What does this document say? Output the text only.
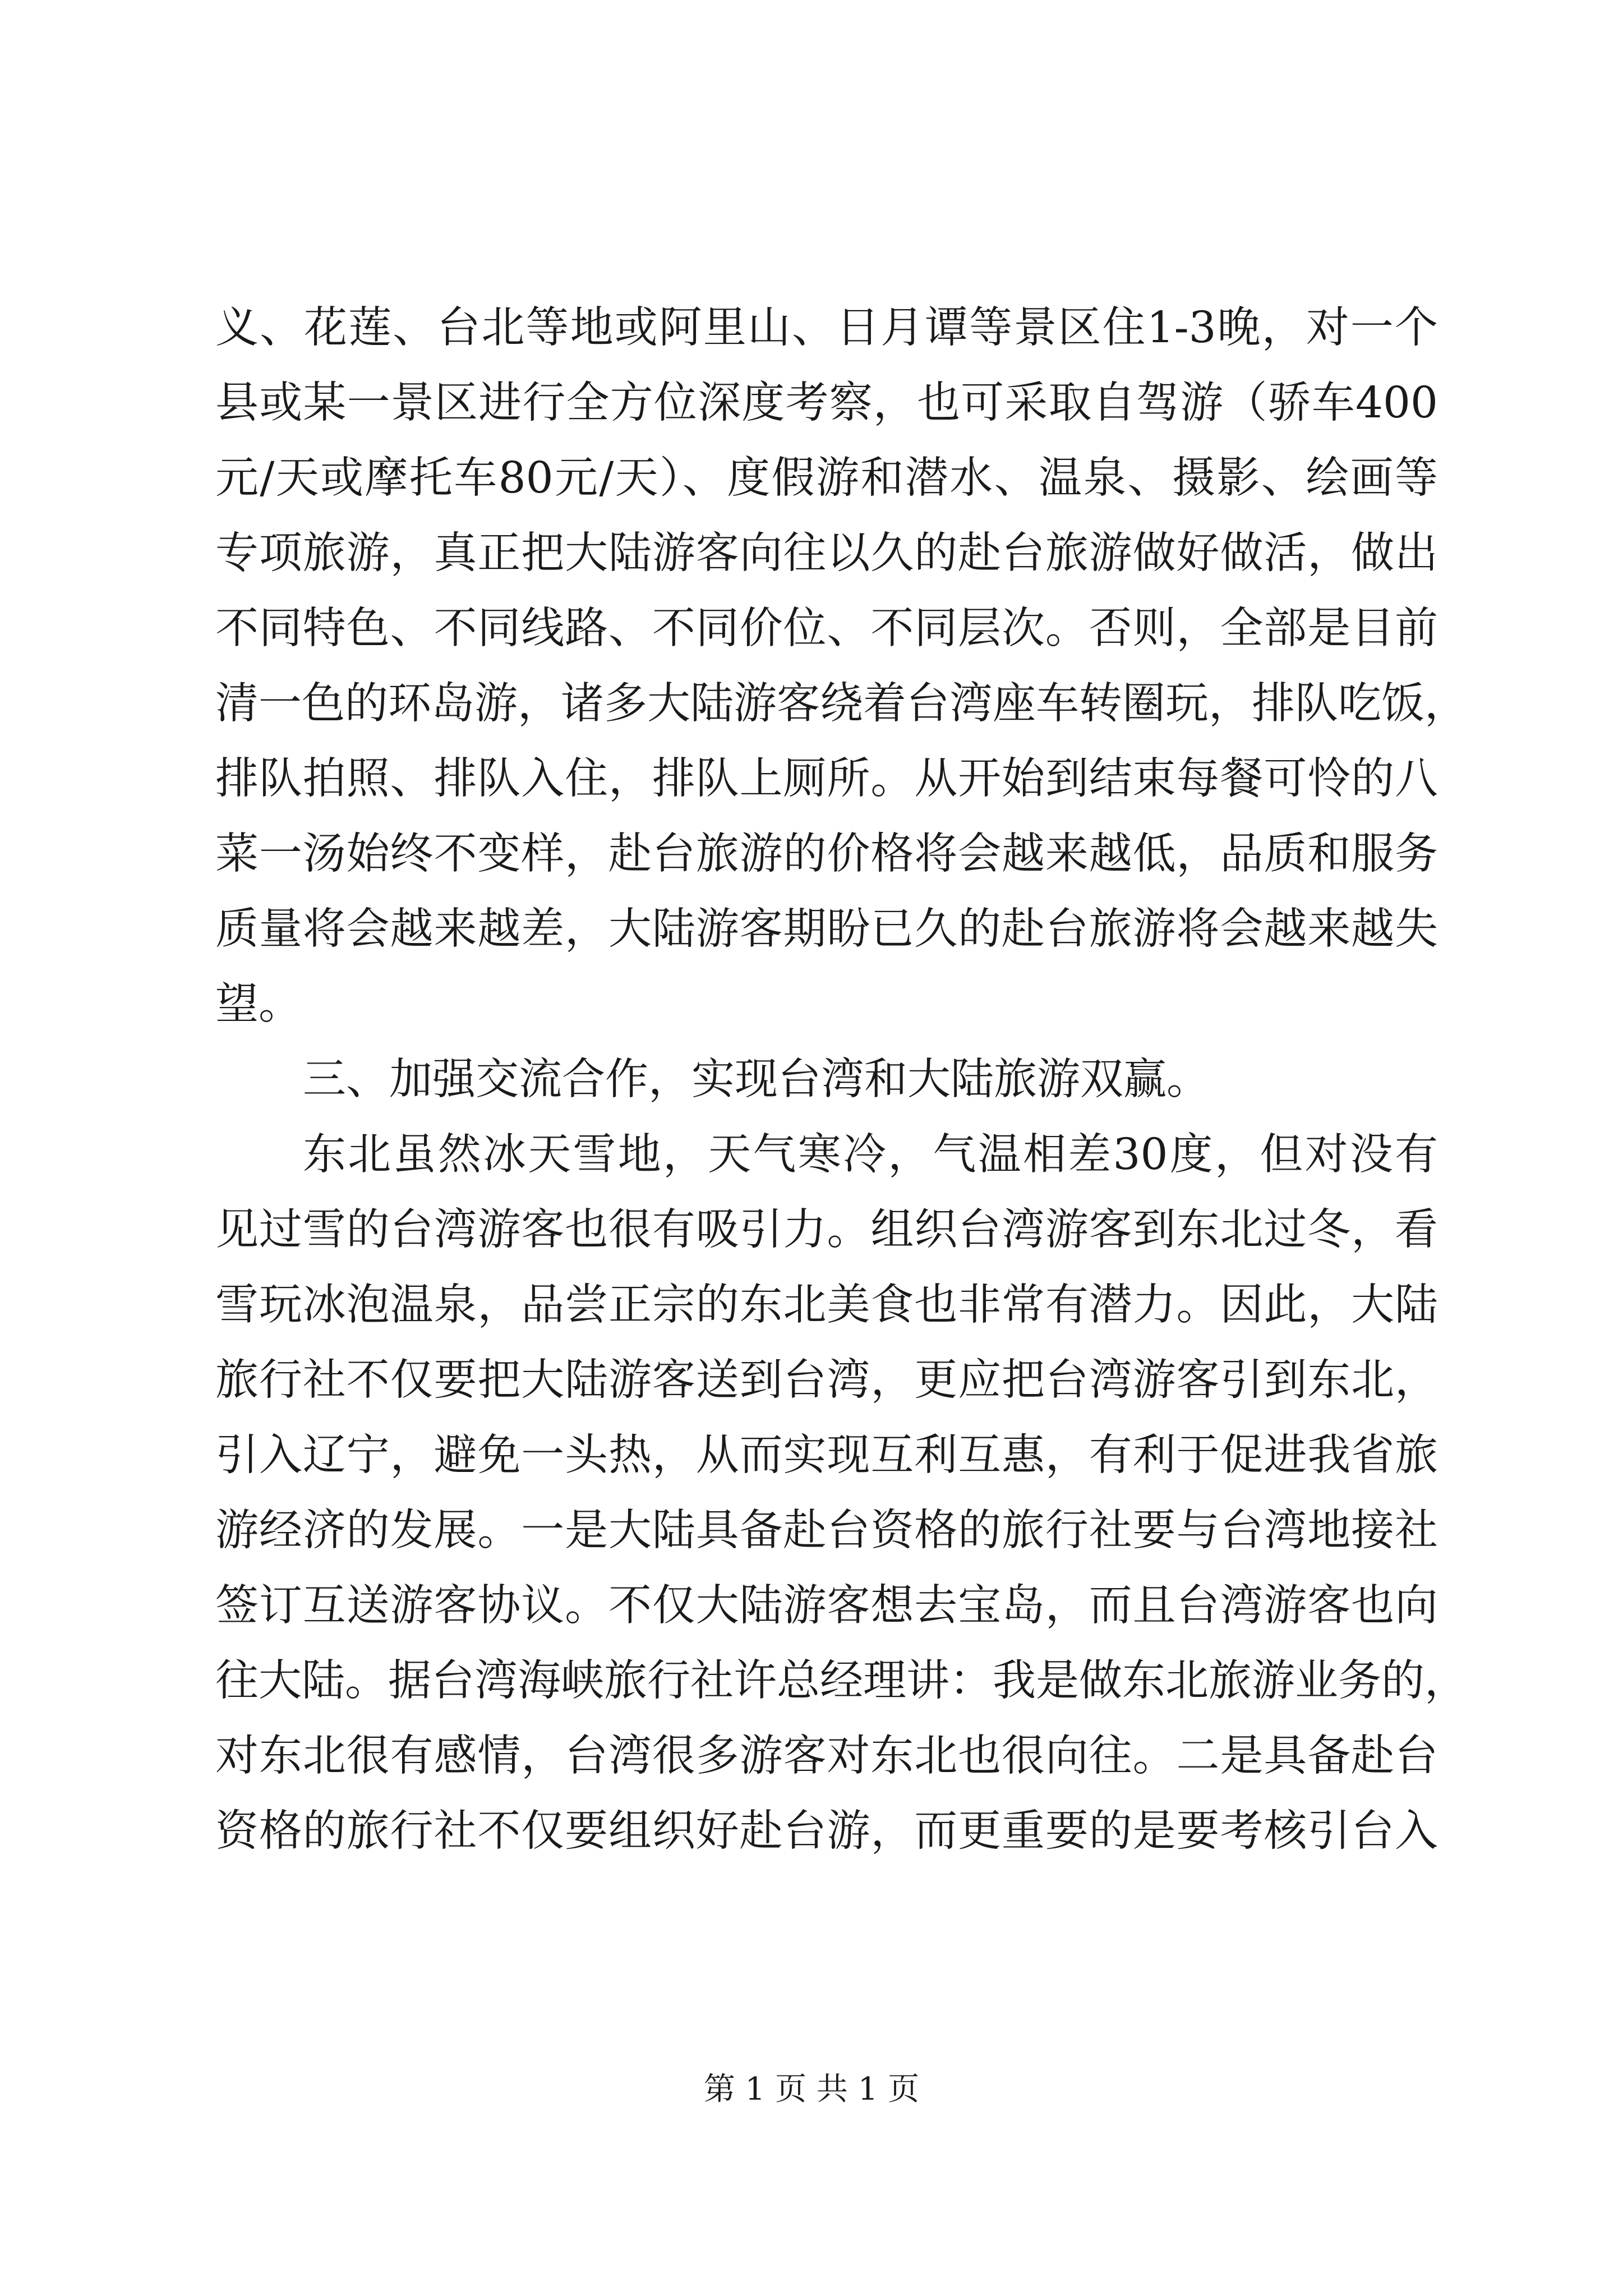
义、花莲、台北等地或阿里山、日月谭等景区住1-3晚，对一个
县或某一景区进行全方位深度考察，也可采取自驾游（骄车400
元/天或摩托车80元/天）、度假游和潜水、温泉、摄影、绘画等
专项旅游，真正把大陆游客向往以久的赴台旅游做好做活，做出
不同特色、不同线路、不同价位、不同层次。否则，全部是目前
清一色的环岛游，诸多大陆游客绕着台湾座车转圈玩，排队吃饭，
排队拍照、排队入住，排队上厕所。从开始到结束每餐可怜的八
菜一汤始终不变样，赴台旅游的价格将会越来越低，品质和服务
质量将会越来越差，大陆游客期盼已久的赴台旅游将会越来越失
望。
三、加强交流合作，实现台湾和大陆旅游双赢。
东北虽然冰天雪地，天气寒冷，气温相差30度，但对没有
见过雪的台湾游客也很有吸引力。组织台湾游客到东北过冬，看
雪玩冰泡温泉，品尝正宗的东北美食也非常有潜力。因此，大陆
旅行社不仅要把大陆游客送到台湾，更应把台湾游客引到东北，
引入辽宁，避免一头热，从而实现互利互惠，有利于促进我省旅
游经济的发展。一是大陆具备赴台资格的旅行社要与台湾地接社
签订互送游客协议。不仅大陆游客想去宝岛，而且台湾游客也向
往大陆。据台湾海峡旅行社许总经理讲：我是做东北旅游业务的，
对东北很有感情，台湾很多游客对东北也很向往。二是具备赴台
资格的旅行社不仅要组织好赴台游，而更重要的是要考核引台入
第 1 页 共 1 页
